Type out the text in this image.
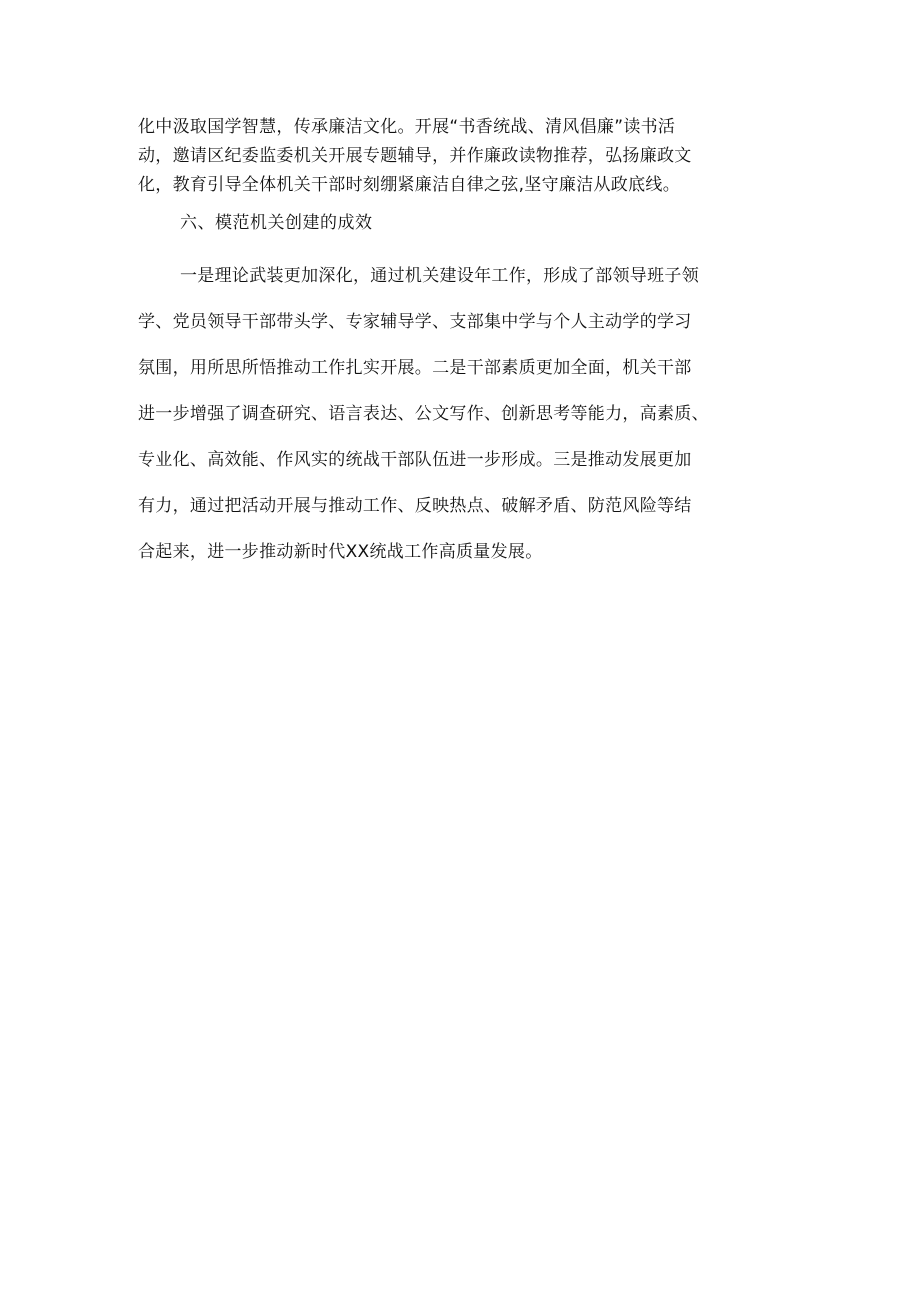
化中汲取国学智慧，传承廉洁文化。开展“书香统战、清风倡廉”读书活
动，邀请区纪委监委机关开展专题辅导，并作廉政读物推荐，弘扬廉政文
化，教育引导全体机关干部时刻绷紧廉洁自律之弦,坚守廉洁从政底线。
六、模范机关创建的成效
一是理论武装更加深化，通过机关建设年工作，形成了部领导班子领
学、党员领导干部带头学、专家辅导学、支部集中学与个人主动学的学习
氛围，用所思所悟推动工作扎实开展。二是干部素质更加全面，机关干部
进一步增强了调查研究、语言表达、公文写作、创新思考等能力，高素质、
专业化、高效能、作风实的统战干部队伍进一步形成。三是推动发展更加
有力，通过把活动开展与推动工作、反映热点、破解矛盾、防范风险等结
合起来，进一步推动新时代XX统战工作高质量发展。
